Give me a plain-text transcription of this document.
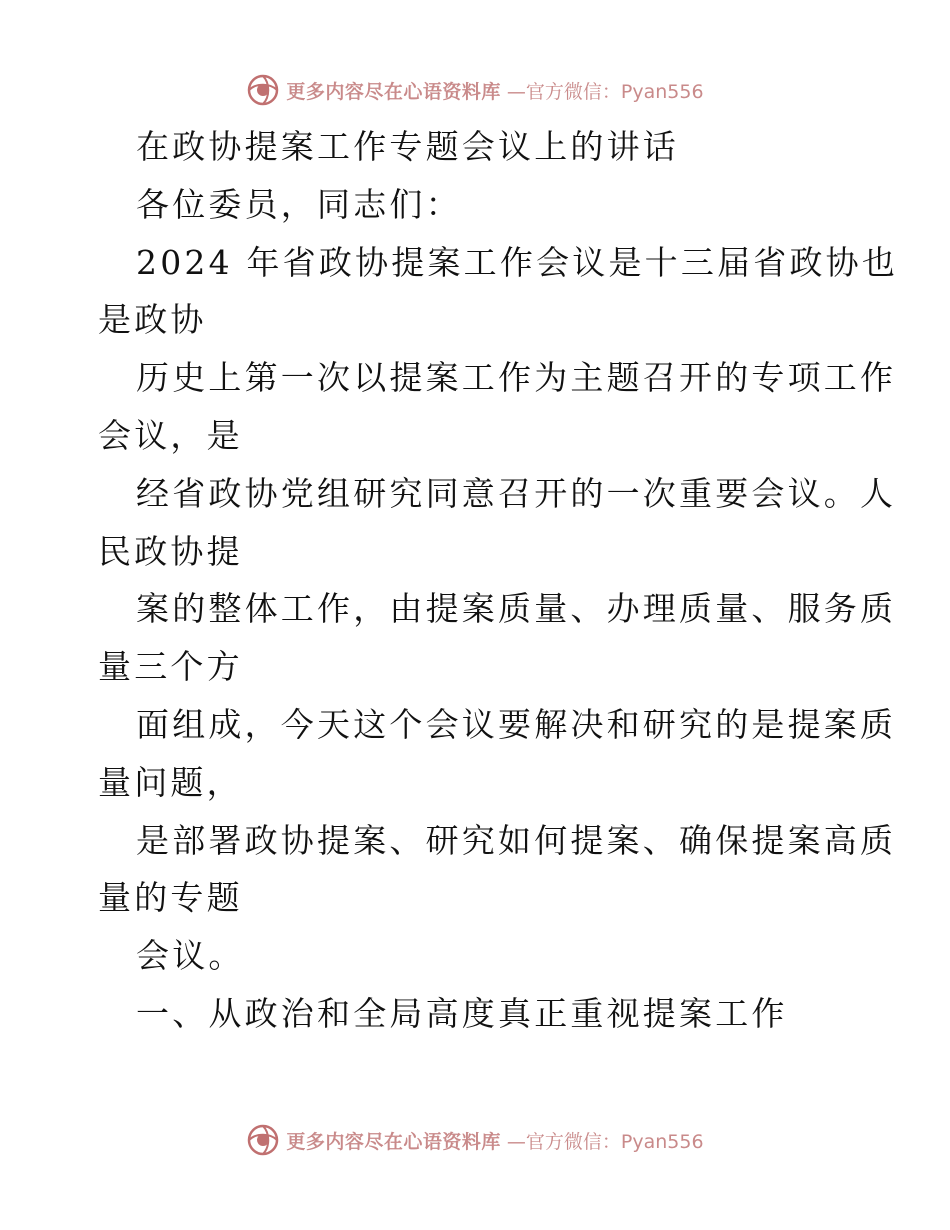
更多内容尽在心语资料库 —官方微信：Pyan556
在政协提案工作专题会议上的讲话
各位委员，同志们：
2024 年省政协提案工作会议是十三届省政协也
是政协
历史上第一次以提案工作为主题召开的专项工作
会议，是
经省政协党组研究同意召开的一次重要会议。人
民政协提
案的整体工作，由提案质量、办理质量、服务质
量三个方
面组成，今天这个会议要解决和研究的是提案质
量问题，
是部署政协提案、研究如何提案、确保提案高质
量的专题
会议。
一、从政治和全局高度真正重视提案工作
更多内容尽在心语资料库 —官方微信：Pyan556
